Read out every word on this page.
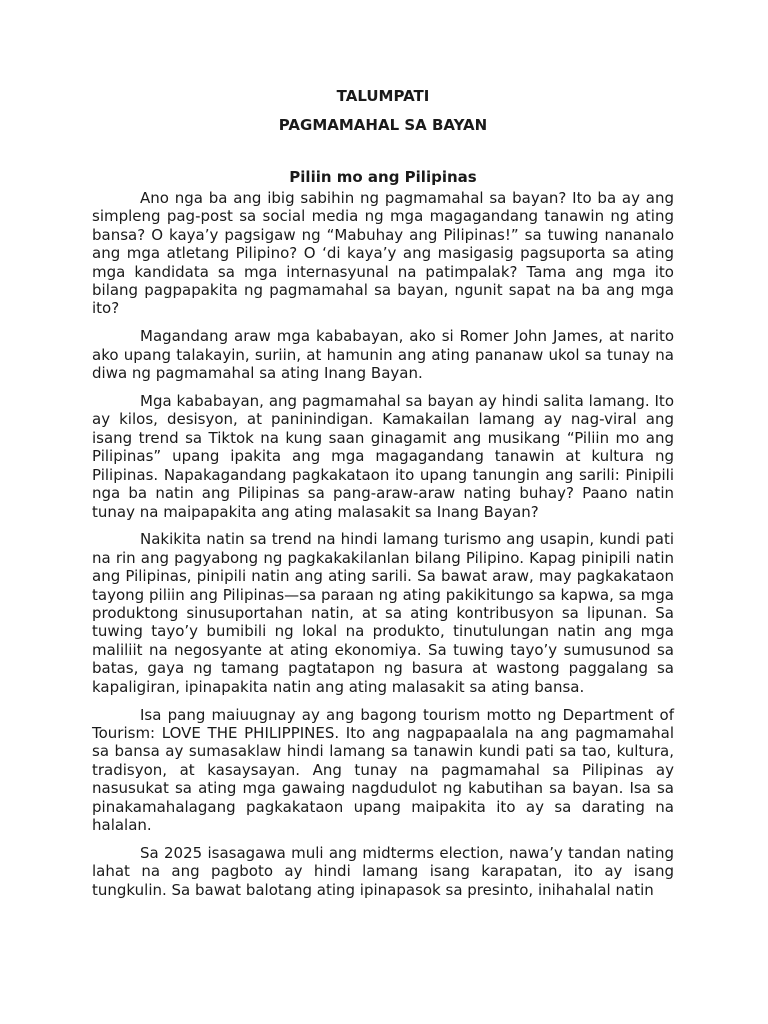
TALUMPATI

PAGMAMAHAL SA BAYAN

Piliin mo ang Pilipinas

Ano nga ba ang ibig sabihin ng pagmamahal sa bayan? Ito ba ay ang simpleng pag-post sa social media ng mga magagandang tanawin ng ating bansa? O kaya’y pagsigaw ng “Mabuhay ang Pilipinas!” sa tuwing nananalo ang mga atletang Pilipino? O ‘di kaya’y ang masigasig pagsuporta sa ating mga kandidata sa mga internasyunal na patimpalak? Tama ang mga ito bilang pagpapakita ng pagmamahal sa bayan, ngunit sapat na ba ang mga ito?

Magandang araw mga kababayan, ako si Romer John James, at narito ako upang talakayin, suriin, at hamunin ang ating pananaw ukol sa tunay na diwa ng pagmamahal sa ating Inang Bayan.

Mga kababayan, ang pagmamahal sa bayan ay hindi salita lamang. Ito ay kilos, desisyon, at paninindigan. Kamakailan lamang ay nag-viral ang isang trend sa Tiktok na kung saan ginagamit ang musikang “Piliin mo ang Pilipinas” upang ipakita ang mga magagandang tanawin at kultura ng Pilipinas. Napakagandang pagkakataon ito upang tanungin ang sarili: Pinipili nga ba natin ang Pilipinas sa pang-araw-araw nating buhay? Paano natin tunay na maipapakita ang ating malasakit sa Inang Bayan?

Nakikita natin sa trend na hindi lamang turismo ang usapin, kundi pati na rin ang pagyabong ng pagkakakilanlan bilang Pilipino. Kapag pinipili natin ang Pilipinas, pinipili natin ang ating sarili. Sa bawat araw, may pagkakataon tayong piliin ang Pilipinas—sa paraan ng ating pakikitungo sa kapwa, sa mga produktong sinusuportahan natin, at sa ating kontribusyon sa lipunan. Sa tuwing tayo’y bumibili ng lokal na produkto, tinutulungan natin ang mga maliliit na negosyante at ating ekonomiya. Sa tuwing tayo’y sumusunod sa batas, gaya ng tamang pagtatapon ng basura at wastong paggalang sa kapaligiran, ipinapakita natin ang ating malasakit sa ating bansa.

Isa pang maiuugnay ay ang bagong tourism motto ng Department of Tourism: LOVE THE PHILIPPINES. Ito ang nagpapaalala na ang pagmamahal sa bansa ay sumasaklaw hindi lamang sa tanawin kundi pati sa tao, kultura, tradisyon, at kasaysayan. Ang tunay na pagmamahal sa Pilipinas ay nasusukat sa ating mga gawaing nagdudulot ng kabutihan sa bayan. Isa sa pinakamahalagang pagkakataon upang maipakita ito ay sa darating na halalan.

Sa 2025 isasagawa muli ang midterms election, nawa’y tandan nating lahat na ang pagboto ay hindi lamang isang karapatan, ito ay isang tungkulin. Sa bawat balotang ating ipinapasok sa presinto, inihahalal natin
